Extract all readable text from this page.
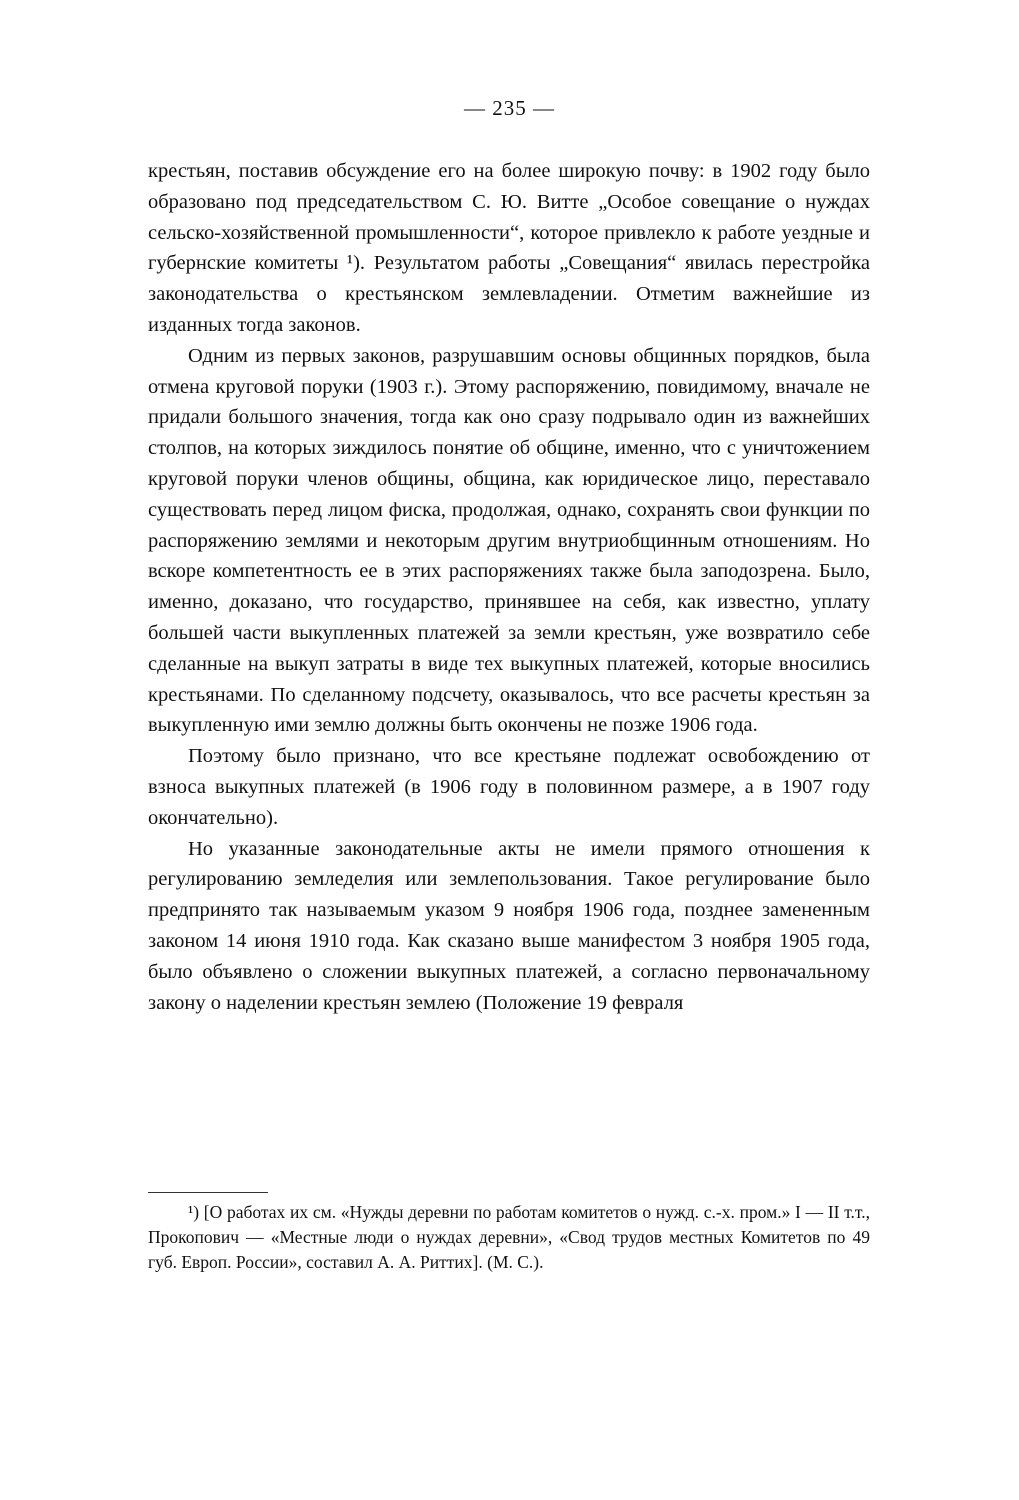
— 235 —

крестьян, поставив обсуждение его на более широкую почву: в 1902 году было образовано под председательством С. Ю. Витте „Особое совещание о нуждах сельско-хозяйственной промышленности“, которое привлекло к работе уездные и губернские комитеты ¹). Результатом работы „Совещания“ явилась перестройка законодательства о крестьянском землевладении. Отметим важнейшие из изданных тогда законов.

Одним из первых законов, разрушавшим основы общинных порядков, была отмена круговой поруки (1903 г.). Этому распоряжению, повидимому, вначале не придали большого значения, тогда как оно сразу подрывало один из важнейших столпов, на которых зиждилось понятие об общине, именно, что с уничтожением круговой поруки членов общины, община, как юридическое лицо, переставало существовать перед лицом фиска, продолжая, однако, сохранять свои функции по распоряжению землями и некоторым другим внутриобщинным отношениям. Но вскоре компетентность ее в этих распоряжениях также была заподозрена. Было, именно, доказано, что государство, принявшее на себя, как известно, уплату большей части выкупленных платежей за земли крестьян, уже возвратило себе сделанные на выкуп затраты в виде тех выкупных платежей, которые вносились крестьянами. По сделанному подсчету, оказывалось, что все расчеты крестьян за выкупленную ими землю должны быть окончены не позже 1906 года.

Поэтому было признано, что все крестьяне подлежат освобождению от взноса выкупных платежей (в 1906 году в половинном размере, а в 1907 году окончательно).

Но указанные законодательные акты не имели прямого отношения к регулированию земледелия или землепользования. Такое регулирование было предпринято так называемым указом 9 ноября 1906 года, позднее замененным законом 14 июня 1910 года. Как сказано выше манифестом 3 ноября 1905 года, было объявлено о сложении выкупных платежей, а согласно первоначальному закону о наделении крестьян землею (Положение 19 февраля

¹) [О работах их см. «Нужды деревни по работам комитетов о нужд. с.-х. пром.» I — II т.т., Прокопович — «Местные люди о нуждах деревни», «Свод трудов местных Комитетов по 49 губ. Европ. России», составил А. А. Риттих]. (М. С.).
